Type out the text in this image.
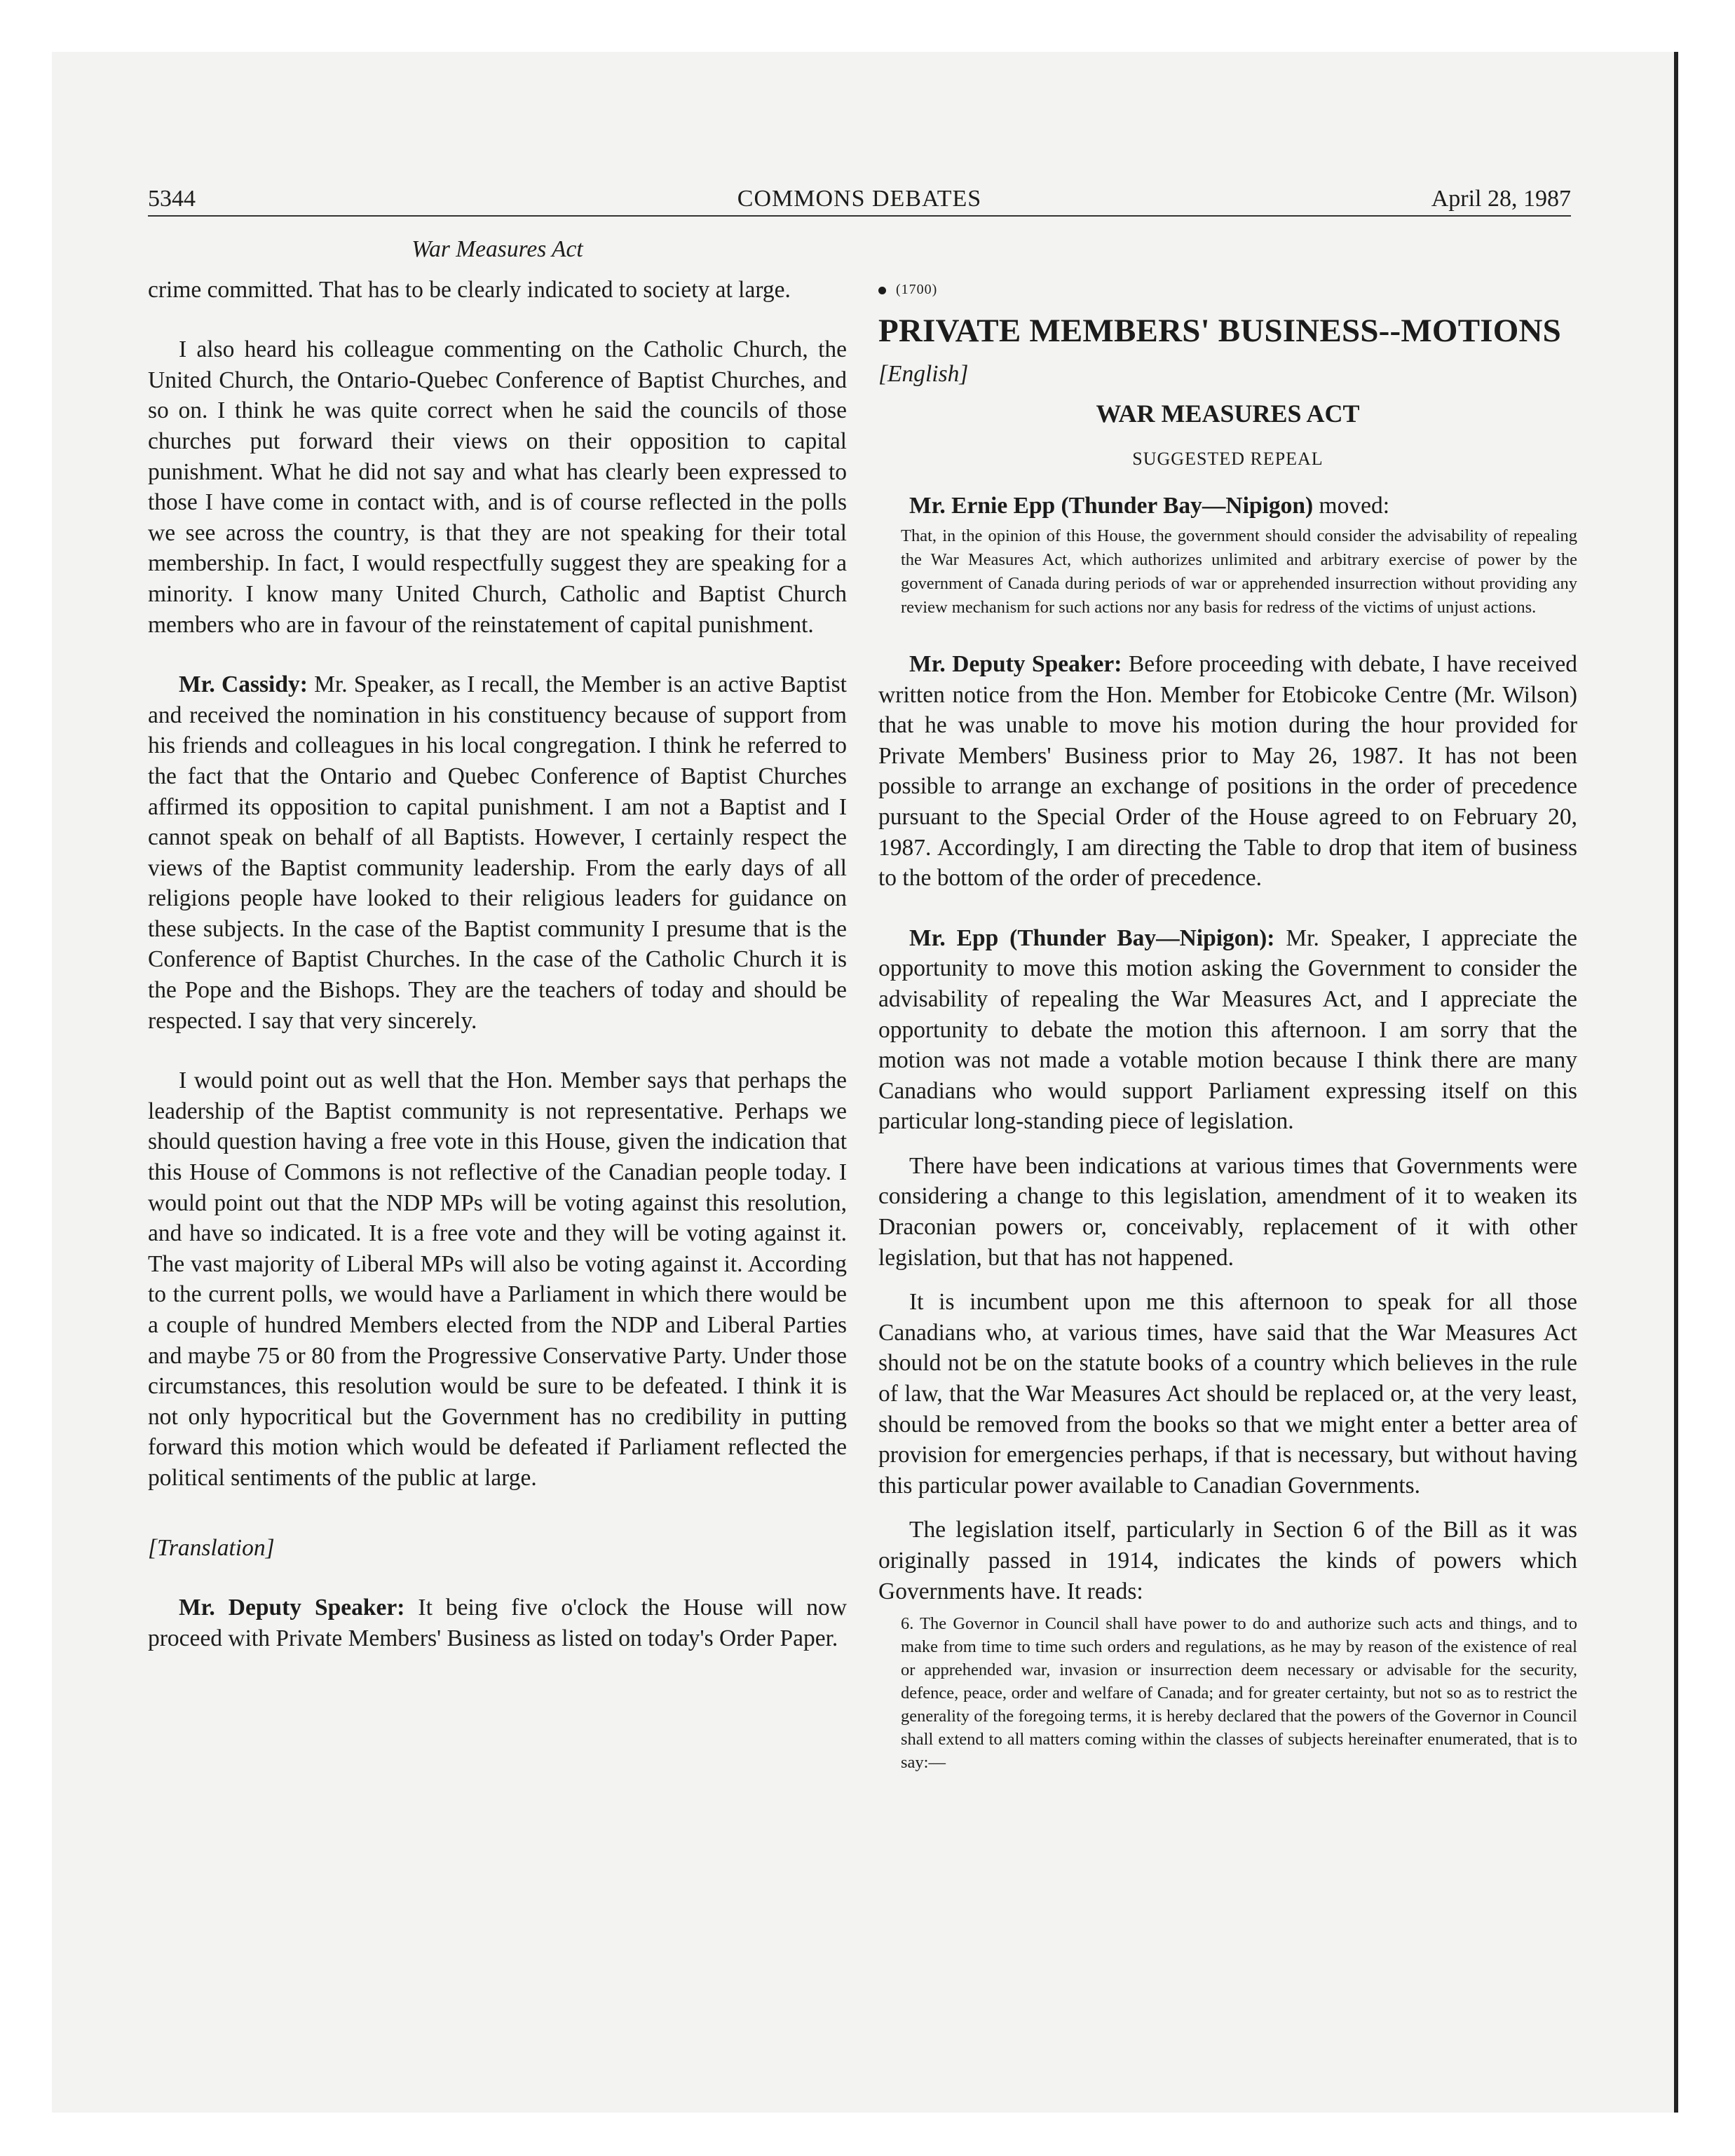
5344	COMMONS DEBATES	April 28, 1987
War Measures Act

crime committed. That has to be clearly indicated to society at large.

I also heard his colleague commenting on the Catholic Church, the United Church, the Ontario-Quebec Conference of Baptist Churches, and so on. I think he was quite correct when he said the councils of those churches put forward their views on their opposition to capital punishment. What he did not say and what has clearly been expressed to those I have come in contact with, and is of course reflected in the polls we see across the country, is that they are not speaking for their total membership. In fact, I would respectfully suggest they are speaking for a minority. I know many United Church, Catholic and Baptist Church members who are in favour of the reinstatement of capital punishment.

Mr. Cassidy: Mr. Speaker, as I recall, the Member is an active Baptist and received the nomination in his constituency because of support from his friends and colleagues in his local congregation. I think he referred to the fact that the Ontario and Quebec Conference of Baptist Churches affirmed its opposition to capital punishment. I am not a Baptist and I cannot speak on behalf of all Baptists. However, I certainly respect the views of the Baptist community leadership. From the early days of all religions people have looked to their religious leaders for guidance on these subjects. In the case of the Baptist community I presume that is the Conference of Baptist Churches. In the case of the Catholic Church it is the Pope and the Bishops. They are the teachers of today and should be respected. I say that very sincerely.

I would point out as well that the Hon. Member says that perhaps the leadership of the Baptist community is not representative. Perhaps we should question having a free vote in this House, given the indication that this House of Commons is not reflective of the Canadian people today. I would point out that the NDP MPs will be voting against this resolution, and have so indicated. It is a free vote and they will be voting against it. The vast majority of Liberal MPs will also be voting against it. According to the current polls, we would have a Parliament in which there would be a couple of hundred Members elected from the NDP and Liberal Parties and maybe 75 or 80 from the Progressive Conservative Party. Under those circumstances, this resolution would be sure to be defeated. I think it is not only hypocritical but the Government has no credibility in putting forward this motion which would be defeated if Parliament reflected the political sentiments of the public at large.

[Translation]

Mr. Deputy Speaker: It being five o'clock the House will now proceed with Private Members' Business as listed on today's Order Paper.

(1700)
PRIVATE MEMBERS' BUSINESS--MOTIONS

[English]

WAR MEASURES ACT
SUGGESTED REPEAL

Mr. Ernie Epp (Thunder Bay—Nipigon) moved:

That, in the opinion of this House, the government should consider the advisability of repealing the War Measures Act, which authorizes unlimited and arbitrary exercise of power by the government of Canada during periods of war or apprehended insurrection without providing any review mechanism for such actions nor any basis for redress of the victims of unjust actions.

Mr. Deputy Speaker: Before proceeding with debate, I have received written notice from the Hon. Member for Etobicoke Centre (Mr. Wilson) that he was unable to move his motion during the hour provided for Private Members' Business prior to May 26, 1987. It has not been possible to arrange an exchange of positions in the order of precedence pursuant to the Special Order of the House agreed to on February 20, 1987. Accordingly, I am directing the Table to drop that item of business to the bottom of the order of precedence.

Mr. Epp (Thunder Bay—Nipigon): Mr. Speaker, I appreciate the opportunity to move this motion asking the Government to consider the advisability of repealing the War Measures Act, and I appreciate the opportunity to debate the motion this afternoon. I am sorry that the motion was not made a votable motion because I think there are many Canadians who would support Parliament expressing itself on this particular long-standing piece of legislation.

There have been indications at various times that Governments were considering a change to this legislation, amendment of it to weaken its Draconian powers or, conceivably, replacement of it with other legislation, but that has not happened.

It is incumbent upon me this afternoon to speak for all those Canadians who, at various times, have said that the War Measures Act should not be on the statute books of a country which believes in the rule of law, that the War Measures Act should be replaced or, at the very least, should be removed from the books so that we might enter a better area of provision for emergencies perhaps, if that is necessary, but without having this particular power available to Canadian Governments.

The legislation itself, particularly in Section 6 of the Bill as it was originally passed in 1914, indicates the kinds of powers which Governments have. It reads:

6. The Governor in Council shall have power to do and authorize such acts and things, and to make from time to time such orders and regulations, as he may by reason of the existence of real or apprehended war, invasion or insurrection deem necessary or advisable for the security, defence, peace, order and welfare of Canada; and for greater certainty, but not so as to restrict the generality of the foregoing terms, it is hereby declared that the powers of the Governor in Council shall extend to all matters coming within the classes of subjects hereinafter enumerated, that is to say:—
